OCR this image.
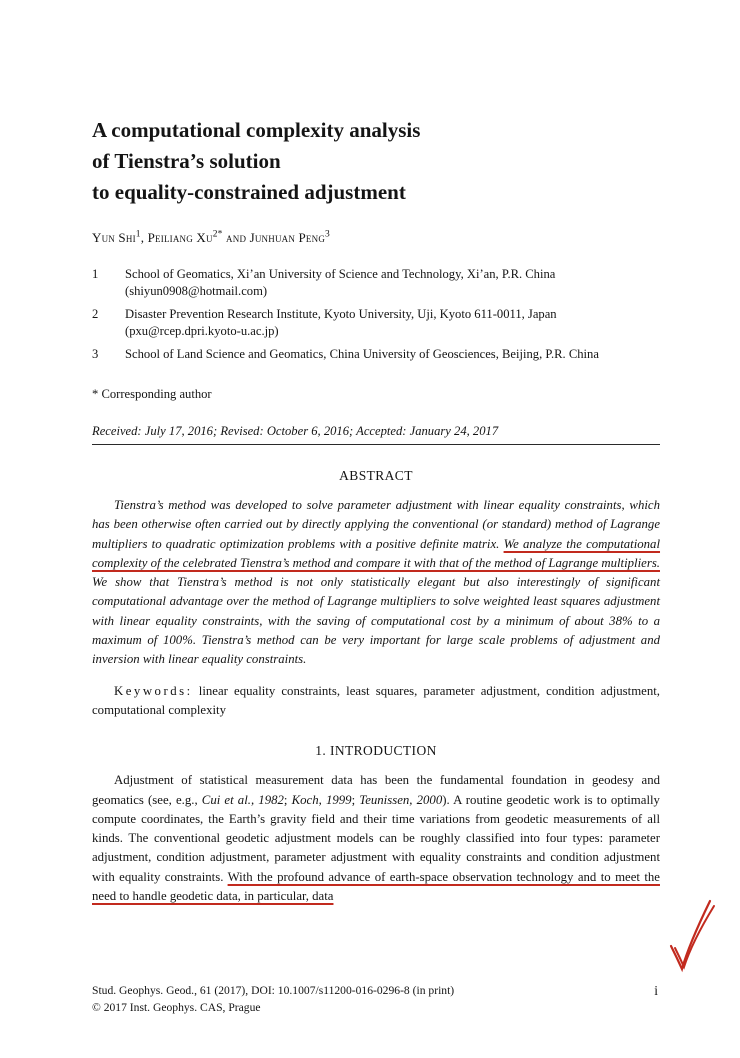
A computational complexity analysis
of Tienstra’s solution
to equality-constrained adjustment
Yun Shi$^1$, Peiliang $Xu^{2*}$ and Junhuan Peng$^3$
1	School of Geomatics, Xi’an University of Science and Technology, Xi’an, P.R. China
(shiyun0908@hotmail.com)
2	Disaster Prevention Research Institute, Kyoto University, Uji, Kyoto 611-0011, Japan
(pxu@rcep.dpri.kyoto-u.ac.jp)
3	School of Land Science and Geomatics, China University of Geosciences, Beijing, P.R. China
* Corresponding author
Received: July 17, 2016; Revised: October 6, 2016; Accepted: January 24, 2017
ABSTRACT

Tienstra’s method was developed to solve parameter adjustment with linear equality constraints, which has been otherwise often carried out by directly applying the conventional (or standard) method of Lagrange multipliers to quadratic optimization problems with a positive definite matrix. We analyze the computational complexity of the celebrated Tienstra’s method and compare it with that of the method of Lagrange multipliers. We show that Tienstra’s method is not only statistically elegant but also interestingly of significant computational advantage over the method of Lagrange multipliers to solve weighted least squares adjustment with linear equality constraints, with the saving of computational cost by a minimum of about 38% to a maximum of 100%. Tienstra’s method can be very important for large scale problems of adjustment and inversion with linear equality constraints.

Keywords: linear equality constraints, least squares, parameter adjustment, condition adjustment, computational complexity

1. INTRODUCTION

Adjustment of statistical measurement data has been the fundamental foundation in geodesy and geomatics (see, e.g., Cui et al., 1982; Koch, 1999; Teunissen, 2000). A routine geodetic work is to optimally compute coordinates, the Earth’s gravity field and their time variations from geodetic measurements of all kinds. The conventional geodetic adjustment models can be roughly classified into four types: parameter adjustment, condition adjustment, parameter adjustment with equality constraints and condition adjustment with equality constraints. With the profound advance of earth-space observation technology and to meet the need to handle geodetic data, in particular, data

Stud. Geophys. Geod., 61 (2017), DOI: 10.1007/s11200-016-0296-8 (in print)
© 2017 Inst. Geophys. CAS, Prague
i
